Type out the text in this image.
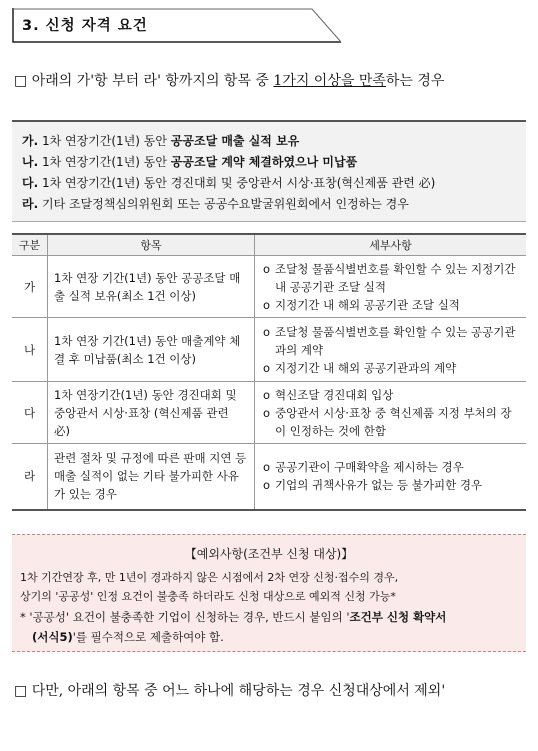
3. 신청 자격 요건
□ 아래의 가'항 부터 라' 항까지의 항목 중 1가지 이상을 만족하는 경우
가. 1차 연장기간(1년) 동안 공공조달 매출 실적 보유
나. 1차 연장기간(1년) 동안 공공조달 계약 체결하였으나 미납품
다. 1차 연장기간(1년) 동안 경진대회 및 중앙관서 시상·표창(혁신제품 관련 必)
라. 기타 조달정책심의위원회 또는 공공수요발굴위원회에서 인정하는 경우
구분	항목	세부사항
가	1차 연장 기간(1년) 동안 공공조달 매출 실적 보유(최소 1건 이상)	o 조달청 물품식별번호를 확인할 수 있는 지정기간 내 공공기관 조달 실적
o 지정기간 내 해외 공공기관 조달 실적

나	1차 연장 기간(1년) 동안 매출계약 체결 후 미납품(최소 1건 이상)	o 조달청 물품식별번호를 확인할 수 있는 공공기관과의 계약
o 지정기간 내 해외 공공기관과의 계약

다	1차 연장기간(1년) 동안 경진대회 및 중앙관서 시상·표창 (혁신제품 관련 必)	o 혁신조달 경진대회 입상
o 중앙관서 시상·표창 중 혁신제품 지정 부처의 장이 인정하는 것에 한함

라	관련 절차 및 규정에 따른 판매 지연 등 매출 실적이 없는 기타 불가피한 사유가 있는 경우	o 공공기관이 구매확약을 제시하는 경우
o 기업의 귀책사유가 없는 등 불가피한 경우
【예외사항(조건부 신청 대상)】
1차 기간연장 후, 만 1년이 경과하지 않은 시점에서 2차 연장 신청·접수의 경우,
상기의 '공공성' 인정 요건이 불충족 하더라도 신청 대상으로 예외적 신청 가능*
* '공공성' 요건이 불충족한 기업이 신청하는 경우, 반드시 붙임의 '조건부 신청 확약서
(서식5)'를 필수적으로 제출하여야 함.
□ 다만, 아래의 항목 중 어느 하나에 해당하는 경우 신청대상에서 제외'
